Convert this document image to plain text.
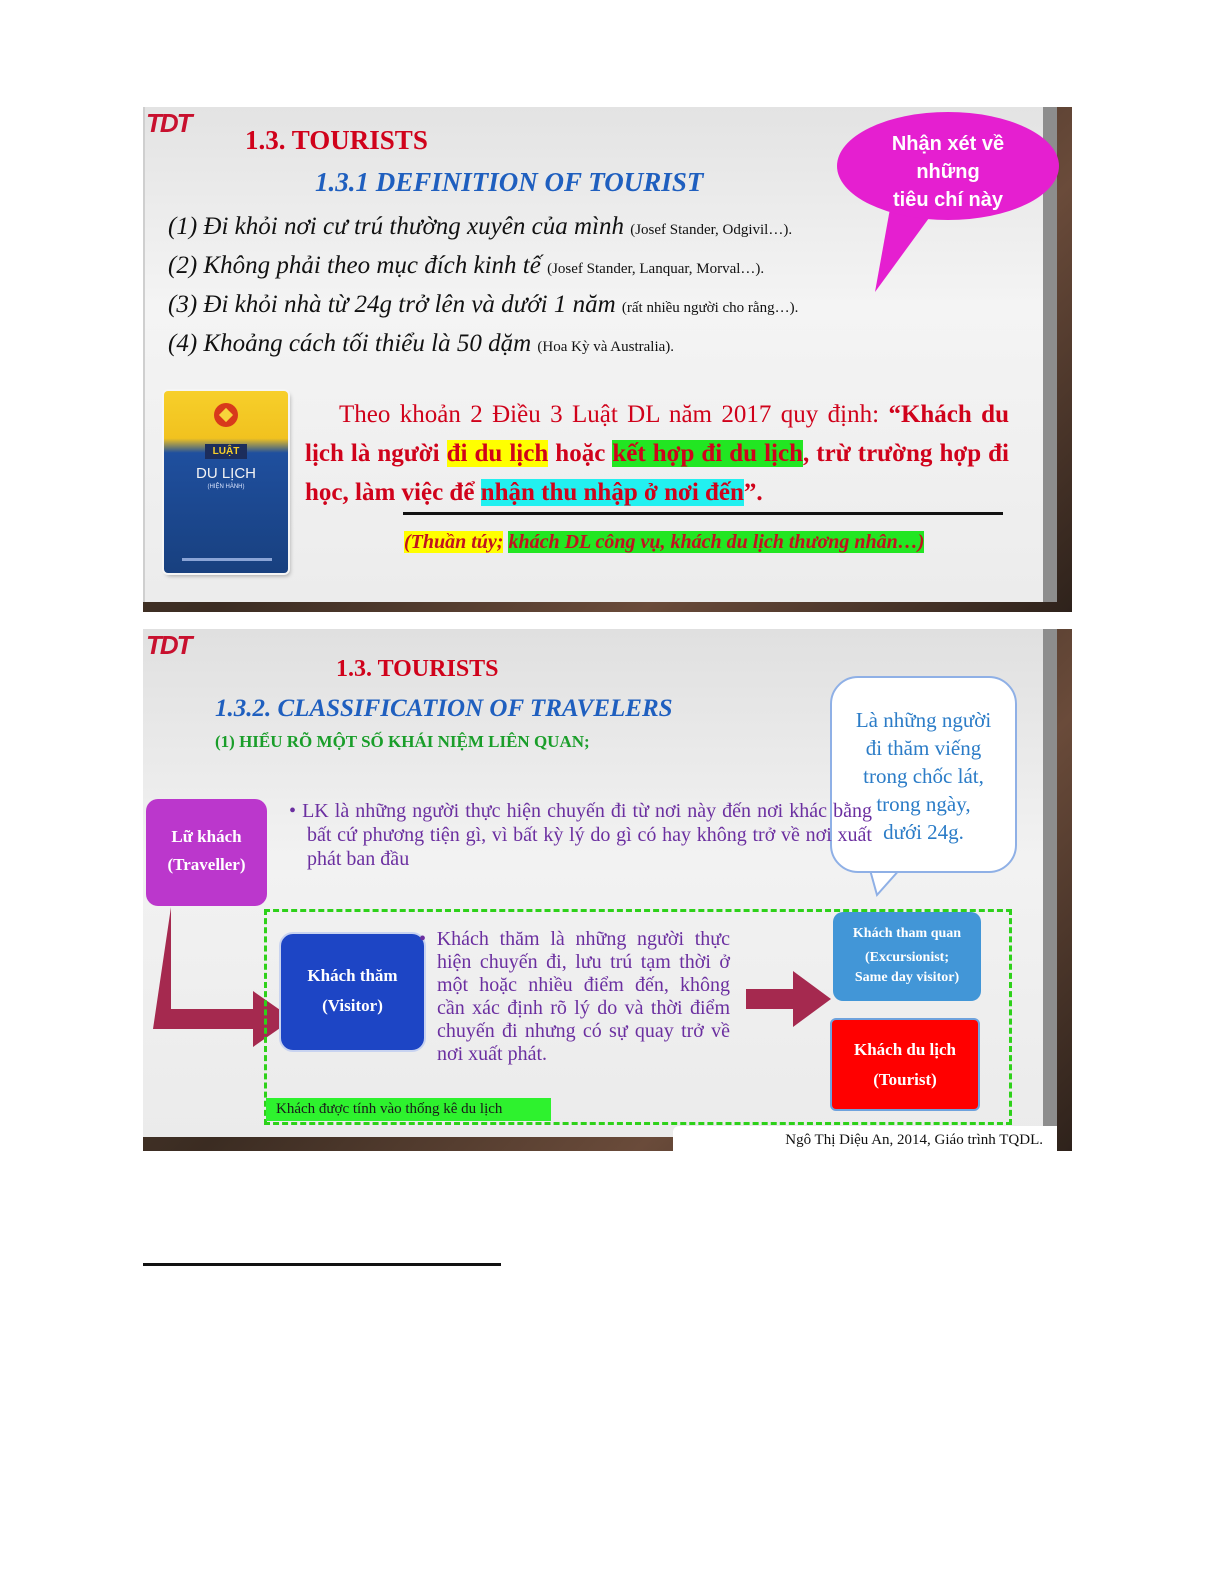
TDT

1.3. TOURISTS
1.3.1 DEFINITION OF TOURIST
(1) Đi khỏi nơi cư trú thường xuyên của mình (Josef Stander, Odgivil…).
(2) Không phải theo mục đích kinh tế (Josef Stander, Lanquar, Morval…).
(3) Đi khỏi nhà từ 24g trở lên và dưới 1 năm (rất nhiều người cho rằng…).
(4) Khoảng cách tối thiểu là 50 dặm (Hoa Kỳ và Australia).
Nhận xét về
những
tiêu chí này
LUẬT
DU LỊCH
(HIỆN HÀNH)
Theo khoản 2 Điều 3 Luật DL năm 2017 quy định: “Khách du lịch là người đi du lịch hoặc kết hợp đi du lịch, trừ trường hợp đi học, làm việc để nhận thu nhập ở nơi đến”.
(Thuần túy; khách DL công vụ, khách du lịch thương nhân…)
TDT
1.3. TOURISTS
1.3.2. CLASSIFICATION OF TRAVELERS
(1) HIỂU RÕ MỘT SỐ KHÁI NIỆM LIÊN QUAN;
Là những người
đi thăm viếng
trong chốc lát,
trong ngày,
dưới 24g.
Lữ khách
(Traveller)
• LK là những người thực hiện chuyến đi từ nơi này đến nơi khác bằng bất cứ phương tiện gì, vì bất kỳ lý do gì có hay không trở về nơi xuất phát ban đầu
Khách thăm
(Visitor)
• Khách thăm là những người thực hiện chuyến đi, lưu trú tạm thời ở một hoặc nhiều điểm đến, không cần xác định rõ lý do và thời điểm chuyến đi nhưng có sự quay trở về nơi xuất phát.
Khách tham quan
(Excursionist;
Same day visitor)
Khách du lịch
(Tourist)
Khách được tính vào thống kê du lịch
Ngô Thị Diệu An, 2014, Giáo trình TQDL.
